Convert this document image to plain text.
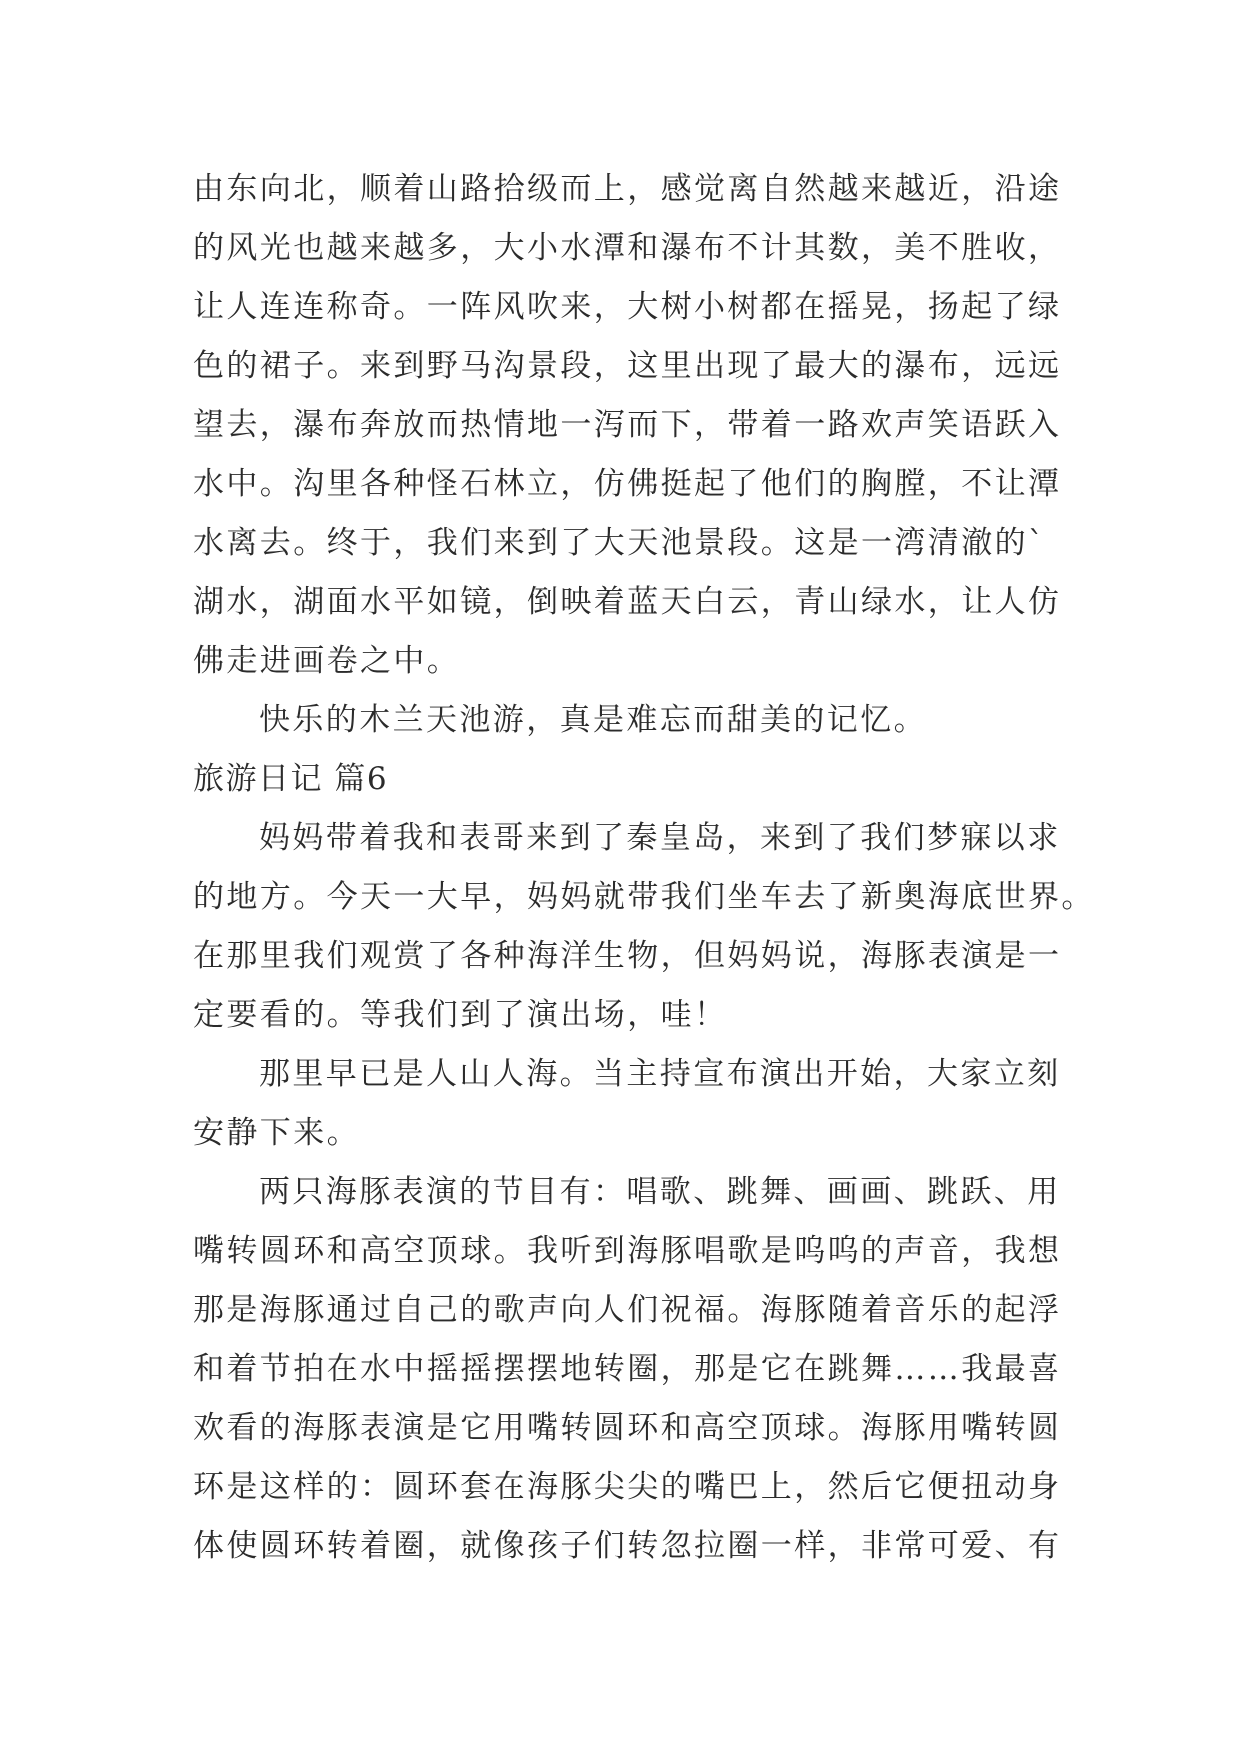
由东向北，顺着山路拾级而上，感觉离自然越来越近，沿途
的风光也越来越多，大小水潭和瀑布不计其数，美不胜收，
让人连连称奇。一阵风吹来，大树小树都在摇晃，扬起了绿
色的裙子。来到野马沟景段，这里出现了最大的瀑布，远远
望去，瀑布奔放而热情地一泻而下，带着一路欢声笑语跃入
水中。沟里各种怪石林立，仿佛挺起了他们的胸膛，不让潭
水离去。终于，我们来到了大天池景段。这是一湾清澈的`
湖水，湖面水平如镜，倒映着蓝天白云，青山绿水，让人仿
佛走进画卷之中。
快乐的木兰天池游，真是难忘而甜美的记忆。
旅游日记 篇6
妈妈带着我和表哥来到了秦皇岛，来到了我们梦寐以求
的地方。今天一大早，妈妈就带我们坐车去了新奥海底世界。
在那里我们观赏了各种海洋生物，但妈妈说，海豚表演是一
定要看的。等我们到了演出场，哇！
那里早已是人山人海。当主持宣布演出开始，大家立刻
安静下来。
两只海豚表演的节目有：唱歌、跳舞、画画、跳跃、用
嘴转圆环和高空顶球。我听到海豚唱歌是呜呜的声音，我想
那是海豚通过自己的歌声向人们祝福。海豚随着音乐的起浮
和着节拍在水中摇摇摆摆地转圈，那是它在跳舞……我最喜
欢看的海豚表演是它用嘴转圆环和高空顶球。海豚用嘴转圆
环是这样的：圆环套在海豚尖尖的嘴巴上，然后它便扭动身
体使圆环转着圈，就像孩子们转忽拉圈一样，非常可爱、有
